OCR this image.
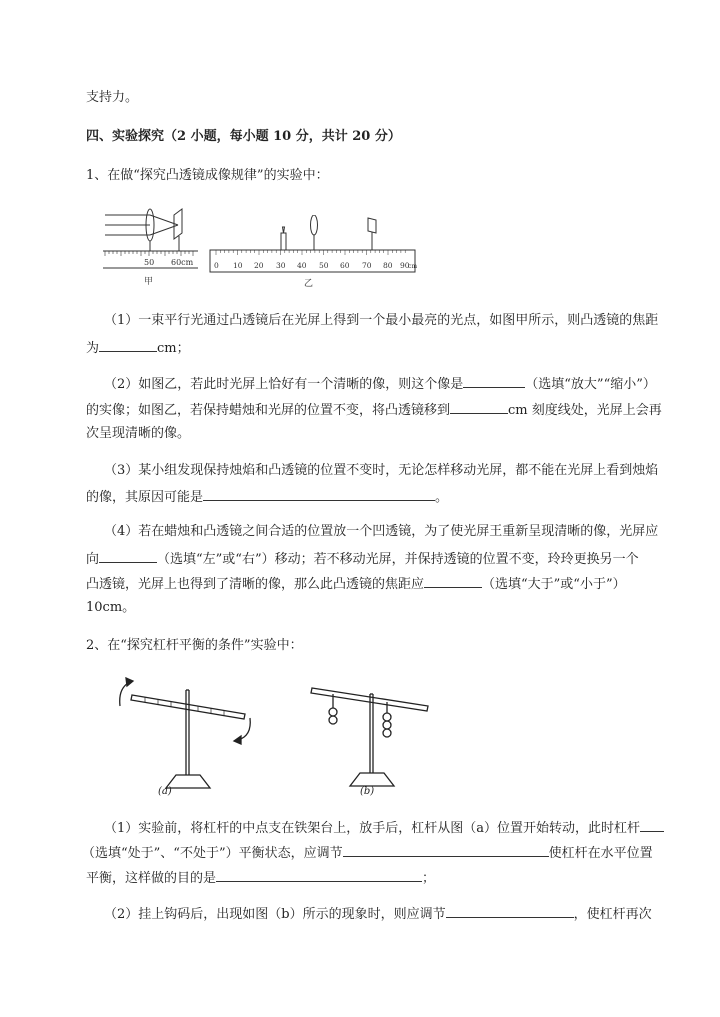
支持力。
四、实验探究（2 小题，每小题 10 分，共计 20 分）
1、在做“探究凸透镜成像规律”的实验中：
50 60cm
甲
0 10 20 30 40 50 60 70 80 90
cm
乙
（1）一束平行光通过凸透镜后在光屏上得到一个最小最亮的光点，如图甲所示，则凸透镜的焦距
为	cm；
（2）如图乙，若此时光屏上恰好有一个清晰的像，则这个像是	（选填“放大”“缩小”）
的实像；如图乙，若保持蜡烛和光屏的位置不变，将凸透镜移到	cm 刻度线处，光屏上会再
次呈现清晰的像。
（3）某小组发现保持烛焰和凸透镜的位置不变时，无论怎样移动光屏，都不能在光屏上看到烛焰
的像，其原因可能是	。
（4）若在蜡烛和凸透镜之间合适的位置放一个凹透镜，为了使光屏王重新呈现清晰的像，光屏应
向	（选填“左”或“右”）移动；若不移动光屏，并保持透镜的位置不变，玲玲更换另一个
凸透镜，光屏上也得到了清晰的像，那么此凸透镜的焦距应	（选填“大于”或“小于”）
10cm。
2、在“探究杠杆平衡的条件”实验中：
(a)	(b)
（1）实验前，将杠杆的中点支在铁架台上，放手后，杠杆从图（a）位置开始转动，此时杠杆
（选填“处于”、“不处于”）平衡状态，应调节	使杠杆在水平位置
平衡，这样做的目的是	；
（2）挂上钩码后，出现如图（b）所示的现象时，则应调节	，使杠杆再次
